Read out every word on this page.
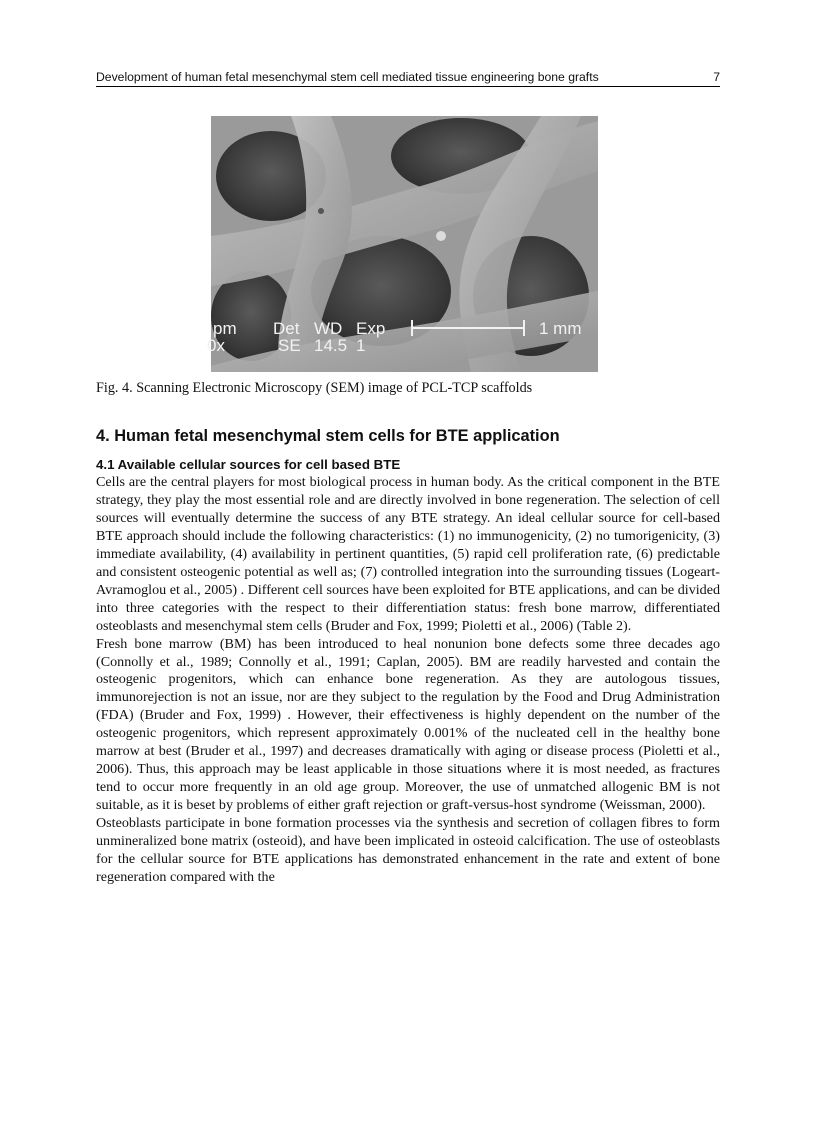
Development of human fetal mesenchymal stem cell mediated tissue engineering bone grafts	7
pm Det WD Exp	1 mm
0x	SE 14.5 1
Fig. 4. Scanning Electronic Microscopy (SEM) image of PCL-TCP scaffolds
4. Human fetal mesenchymal stem cells for BTE application
4.1 Available cellular sources for cell based BTE

Cells are the central players for most biological process in human body. As the critical component in the BTE strategy, they play the most essential role and are directly involved in bone regeneration. The selection of cell sources will eventually determine the success of any BTE strategy. An ideal cellular source for cell-based BTE approach should include the following characteristics: (1) no immunogenicity, (2) no tumorigenicity, (3) immediate availability, (4) availability in pertinent quantities, (5) rapid cell proliferation rate, (6) predictable and consistent osteogenic potential as well as; (7) controlled integration into the surrounding tissues (Logeart-Avramoglou et al., 2005) . Different cell sources have been exploited for BTE applications, and can be divided into three categories with the respect to their differentiation status: fresh bone marrow, differentiated osteoblasts and mesenchymal stem cells (Bruder and Fox, 1999; Pioletti et al., 2006) (Table 2).

Fresh bone marrow (BM) has been introduced to heal nonunion bone defects some three decades ago (Connolly et al., 1989; Connolly et al., 1991; Caplan, 2005). BM are readily harvested and contain the osteogenic progenitors, which can enhance bone regeneration. As they are autologous tissues, immunorejection is not an issue, nor are they subject to the regulation by the Food and Drug Administration (FDA) (Bruder and Fox, 1999) . However, their effectiveness is highly dependent on the number of the osteogenic progenitors, which represent approximately 0.001% of the nucleated cell in the healthy bone marrow at best (Bruder et al., 1997) and decreases dramatically with aging or disease process (Pioletti et al., 2006). Thus, this approach may be least applicable in those situations where it is most needed, as fractures tend to occur more frequently in an old age group. Moreover, the use of unmatched allogenic BM is not suitable, as it is beset by problems of either graft rejection or graft-versus-host syndrome (Weissman, 2000).

Osteoblasts participate in bone formation processes via the synthesis and secretion of collagen fibres to form unmineralized bone matrix (osteoid), and have been implicated in osteoid calcification. The use of osteoblasts for the cellular source for BTE applications has demonstrated enhancement in the rate and extent of bone regeneration compared with the
